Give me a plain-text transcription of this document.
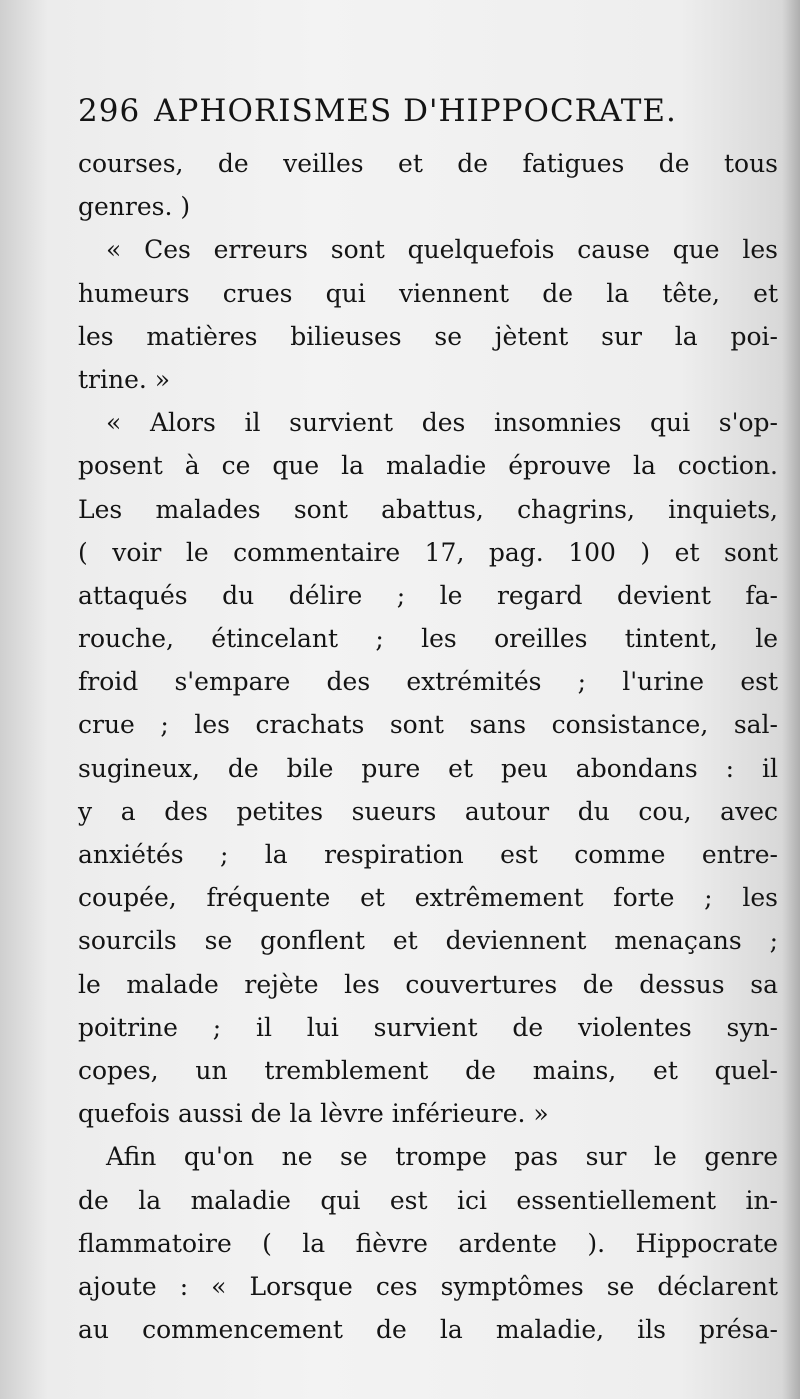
296 APHORISMES D'HIPPOCRATE.
courses, de veilles et de fatigues de tous
genres. )
« Ces erreurs sont quelquefois cause que les
humeurs crues qui viennent de la tête, et
les matières bilieuses se jètent sur la poi-
trine. »
« Alors il survient des insomnies qui s'op-
posent à ce que la maladie éprouve la coction.
Les malades sont abattus, chagrins, inquiets,
( voir le commentaire 17, pag. 100 ) et sont
attaqués du délire ; le regard devient fa-
rouche, étincelant ; les oreilles tintent, le
froid s'empare des extrémités ; l'urine est
crue ; les crachats sont sans consistance, sal-
sugineux, de bile pure et peu abondans : il
y a des petites sueurs autour du cou, avec
anxiétés ; la respiration est comme entre-
coupée, fréquente et extrêmement forte ; les
sourcils se gonflent et deviennent menaçans ;
le malade rejète les couvertures de dessus sa
poitrine ; il lui survient de violentes syn-
copes, un tremblement de mains, et quel-
quefois aussi de la lèvre inférieure. »
Afin qu'on ne se trompe pas sur le genre
de la maladie qui est ici essentiellement in-
flammatoire ( la fièvre ardente ). Hippocrate
ajoute : « Lorsque ces symptômes se déclarent
au commencement de la maladie, ils présa-
